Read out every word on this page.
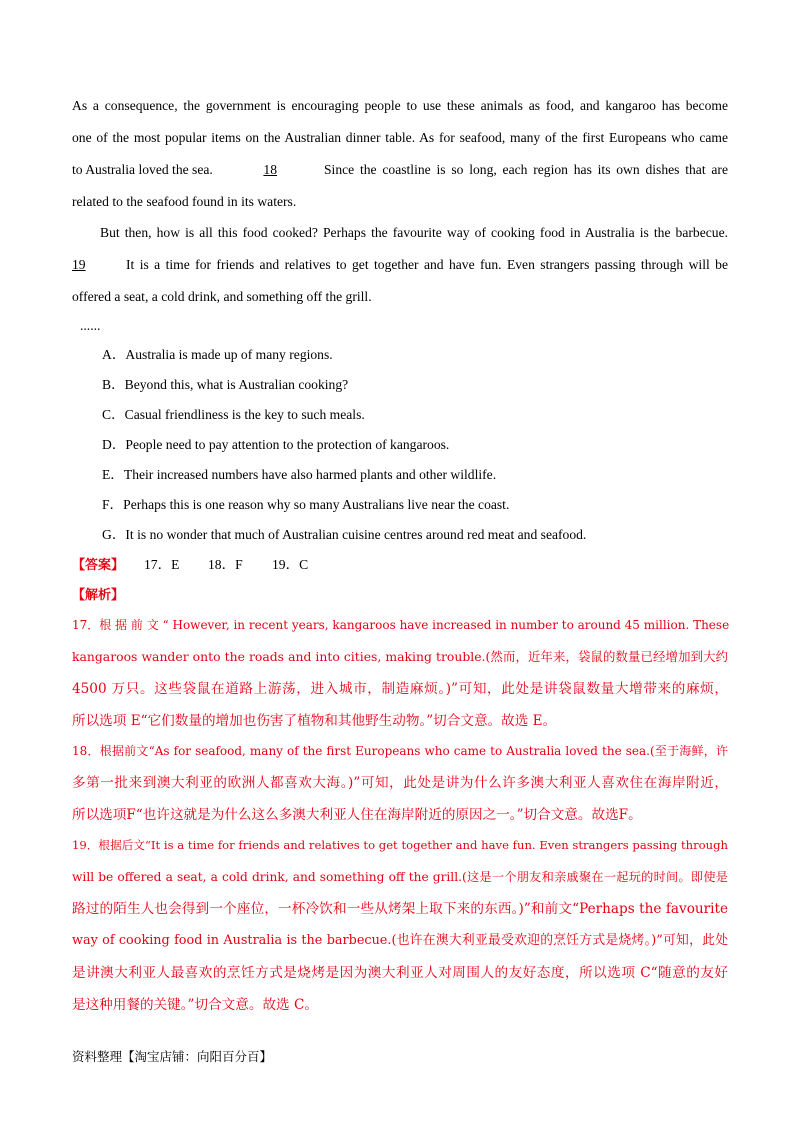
As a consequence, the government is encouraging people to use these animals as food, and kangaroo has become
one of the most popular items on the Australian dinner table. As for seafood, many of the first Europeans who came
to Australia loved the sea.	18	Since the coastline is so long, each region has its own dishes that are
related to the seafood found in its waters.
But then, how is all this food cooked? Perhaps the favourite way of cooking food in Australia is the barbecue.
19	It is a time for friends and relatives to get together and have fun. Even strangers passing through will be
offered a seat, a cold drink, and something off the grill.
......
A．Australia is made up of many regions.
B．Beyond this, what is Australian cooking?
C．Casual friendliness is the key to such meals.
D．People need to pay attention to the protection of kangaroos.
E．Their increased numbers have also harmed plants and other wildlife.
F．Perhaps this is one reason why so many Australians live near the coast.
G．It is no wonder that much of Australian cuisine centres around red meat and seafood.
【答案】 17．E 18．F 19．C
【解析】
17．根 据 前 文 “ However, in recent years, kangaroos have increased in number to around 45 million. These
kangaroos wander onto the roads and into cities, making trouble.(然而，近年来，袋鼠的数量已经增加到大约
4500 万只。这些袋鼠在道路上游荡，进入城市，制造麻烦。)”可知，此处是讲袋鼠数量大增带来的麻烦，
所以选项 E“它们数量的增加也伤害了植物和其他野生动物。”切合文意。故选 E。
18．根据前文“As for seafood, many of the first Europeans who came to Australia loved the sea.(至于海鲜，许
多第一批来到澳大利亚的欧洲人都喜欢大海。)”可知，此处是讲为什么许多澳大利亚人喜欢住在海岸附近，
所以选项F“也许这就是为什么这么多澳大利亚人住在海岸附近的原因之一。”切合文意。故选F。
19．根据后文“It is a time for friends and relatives to get together and have fun. Even strangers passing through
will be offered a seat, a cold drink, and something off the grill.(这是一个朋友和亲戚聚在一起玩的时间。即使是
路过的陌生人也会得到一个座位，一杯冷饮和一些从烤架上取下来的东西。)”和前文“Perhaps the favourite
way of cooking food in Australia is the barbecue.(也许在澳大利亚最受欢迎的烹饪方式是烧烤。)”可知，此处
是讲澳大利亚人最喜欢的烹饪方式是烧烤是因为澳大利亚人对周围人的友好态度，所以选项 C“随意的友好
是这种用餐的关键。”切合文意。故选 C。
资料整理【淘宝店铺：向阳百分百】
